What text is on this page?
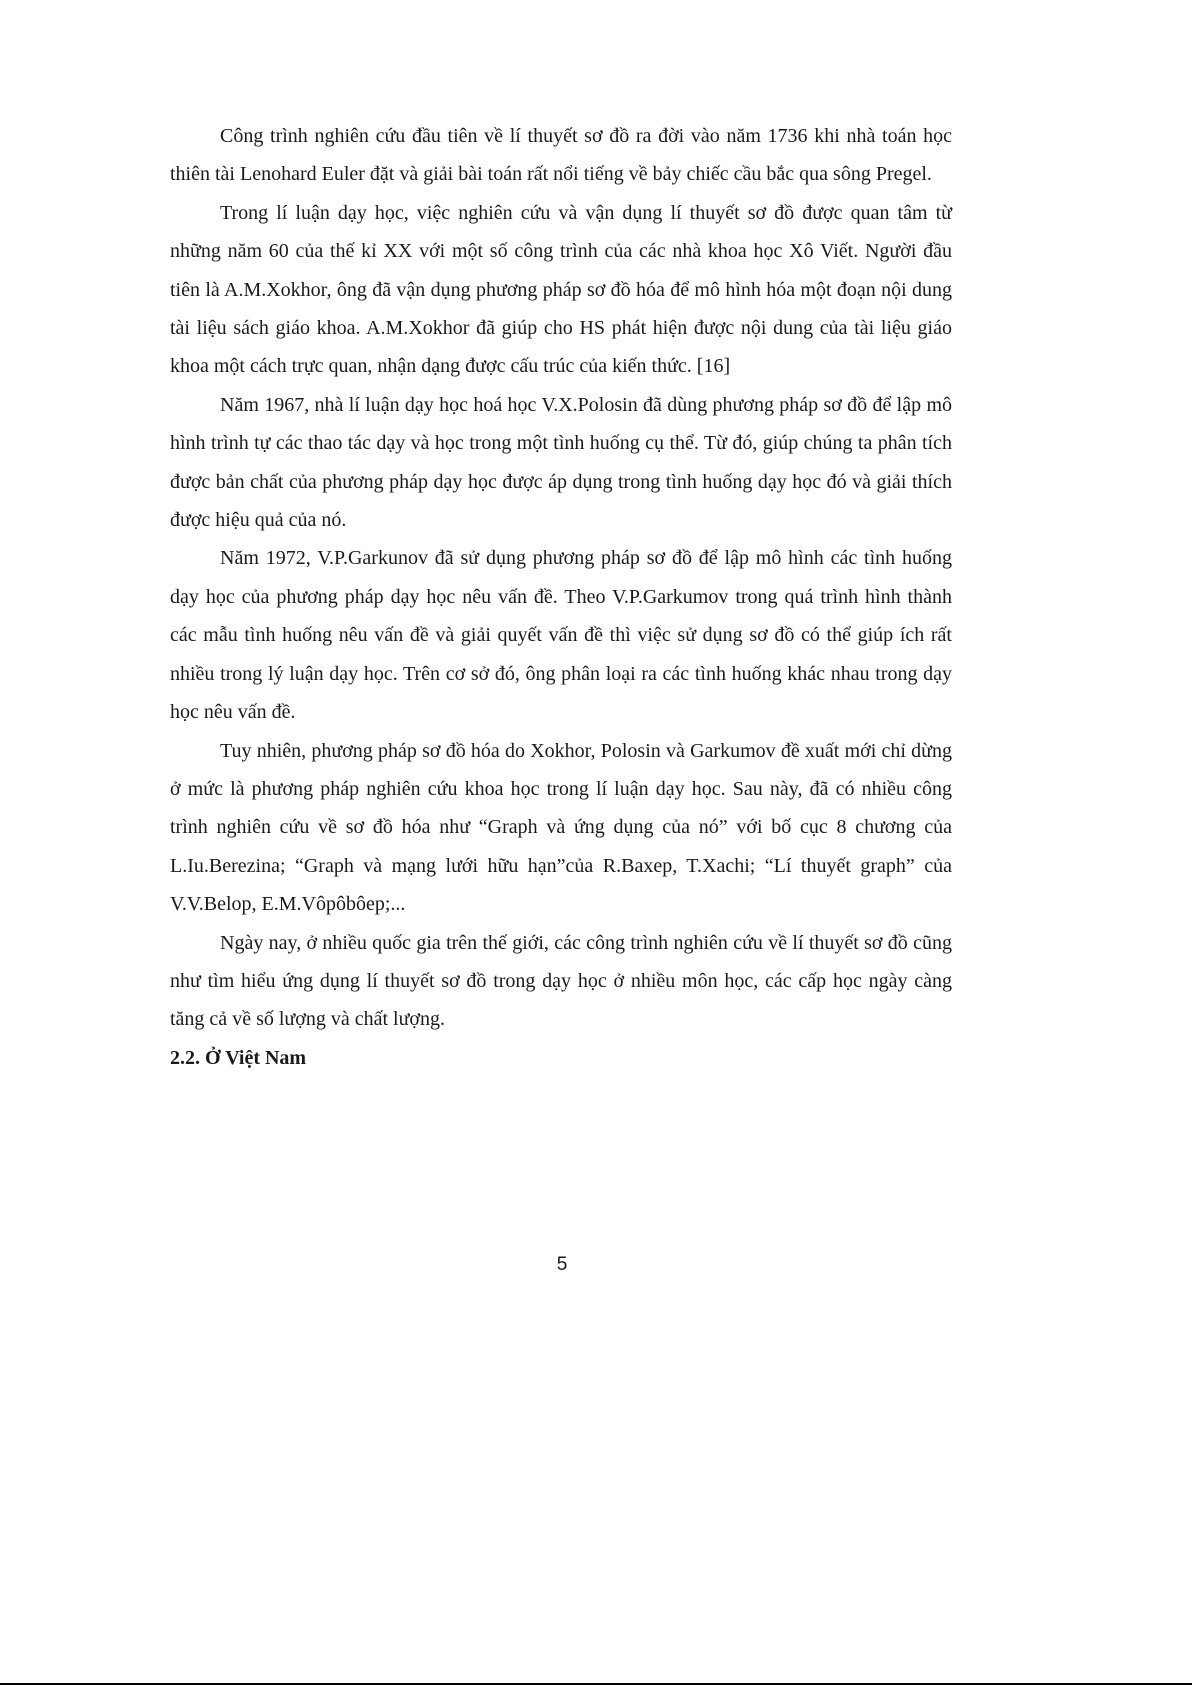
Công trình nghiên cứu đầu tiên về lí thuyết sơ đồ ra đời vào năm 1736 khi nhà toán học thiên tài Lenohard Euler đặt và giải bài toán rất nổi tiếng về bảy chiếc cầu bắc qua sông Pregel.

Trong lí luận dạy học, việc nghiên cứu và vận dụng lí thuyết sơ đồ được quan tâm từ những năm 60 của thế kỉ XX với một số công trình của các nhà khoa học Xô Viết. Người đầu tiên là A.M.Xokhor, ông đã vận dụng phương pháp sơ đồ hóa để mô hình hóa một đoạn nội dung tài liệu sách giáo khoa. A.M.Xokhor đã giúp cho HS phát hiện được nội dung của tài liệu giáo khoa một cách trực quan, nhận dạng được cấu trúc của kiến thức. [16]

Năm 1967, nhà lí luận dạy học hoá học V.X.Polosin đã dùng phương pháp sơ đồ để lập mô hình trình tự các thao tác dạy và học trong một tình huống cụ thể. Từ đó, giúp chúng ta phân tích được bản chất của phương pháp dạy học được áp dụng trong tình huống dạy học đó và giải thích được hiệu quả của nó.

Năm 1972, V.P.Garkunov đã sử dụng phương pháp sơ đồ để lập mô hình các tình huống dạy học của phương pháp dạy học nêu vấn đề. Theo V.P.Garkumov trong quá trình hình thành các mẫu tình huống nêu vấn đề và giải quyết vấn đề thì việc sử dụng sơ đồ có thể giúp ích rất nhiều trong lý luận dạy học. Trên cơ sở đó, ông phân loại ra các tình huống khác nhau trong dạy học nêu vấn đề.

Tuy nhiên, phương pháp sơ đồ hóa do Xokhor, Polosin và Garkumov đề xuất mới chỉ dừng ở mức là phương pháp nghiên cứu khoa học trong lí luận dạy học. Sau này, đã có nhiều công trình nghiên cứu về sơ đồ hóa như “Graph và ứng dụng của nó” với bố cục 8 chương của L.Iu.Berezina; “Graph và mạng lưới hữu hạn”của R.Baxep, T.Xachi; “Lí thuyết graph” của V.V.Belop, E.M.Vôpôbôep;...

Ngày nay, ở nhiều quốc gia trên thế giới, các công trình nghiên cứu về lí thuyết sơ đồ cũng như tìm hiểu ứng dụng lí thuyết sơ đồ trong dạy học ở nhiều môn học, các cấp học ngày càng tăng cả về số lượng và chất lượng.

2.2. Ở Việt Nam

5
